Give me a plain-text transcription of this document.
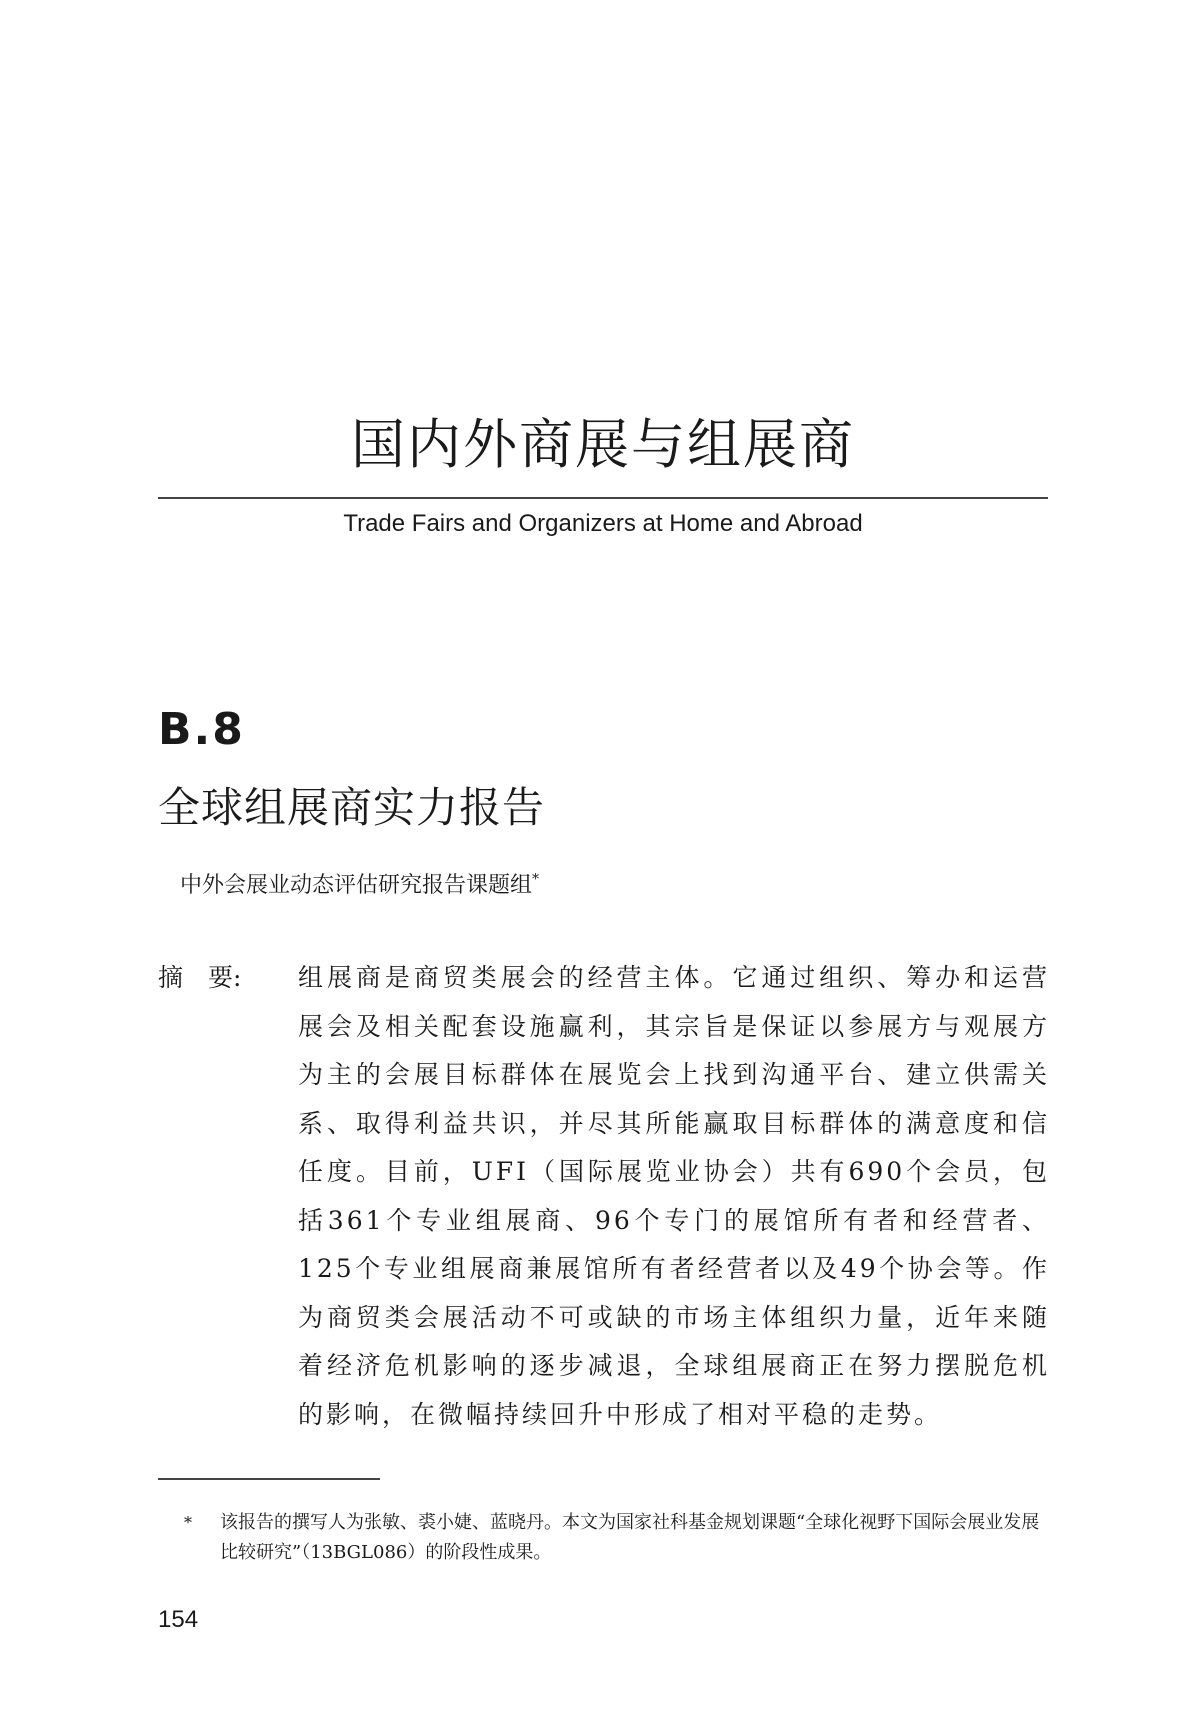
国内外商展与组展商
Trade Fairs and Organizers at Home and Abroad
B.8
全球组展商实力报告
中外会展业动态评估研究报告课题组*
摘　要: 组展商是商贸类展会的经营主体。它通过组织、筹办和运营展会及相关配套设施赢利，其宗旨是保证以参展方与观展方为主的会展目标群体在展览会上找到沟通平台、建立供需关系、取得利益共识，并尽其所能赢取目标群体的满意度和信任度。目前，UFI（国际展览业协会）共有690个会员，包括361个专业组展商、96个专门的展馆所有者和经营者、125个专业组展商兼展馆所有者经营者以及49个协会等。作为商贸类会展活动不可或缺的市场主体组织力量，近年来随着经济危机影响的逐步减退，全球组展商正在努力摆脱危机的影响，在微幅持续回升中形成了相对平稳的走势。
*	该报告的撰写人为张敏、裘小婕、蓝晓丹。本文为国家社科基金规划课题“全球化视野下国际会展业发展比较研究”（13BGL086）的阶段性成果。
154
